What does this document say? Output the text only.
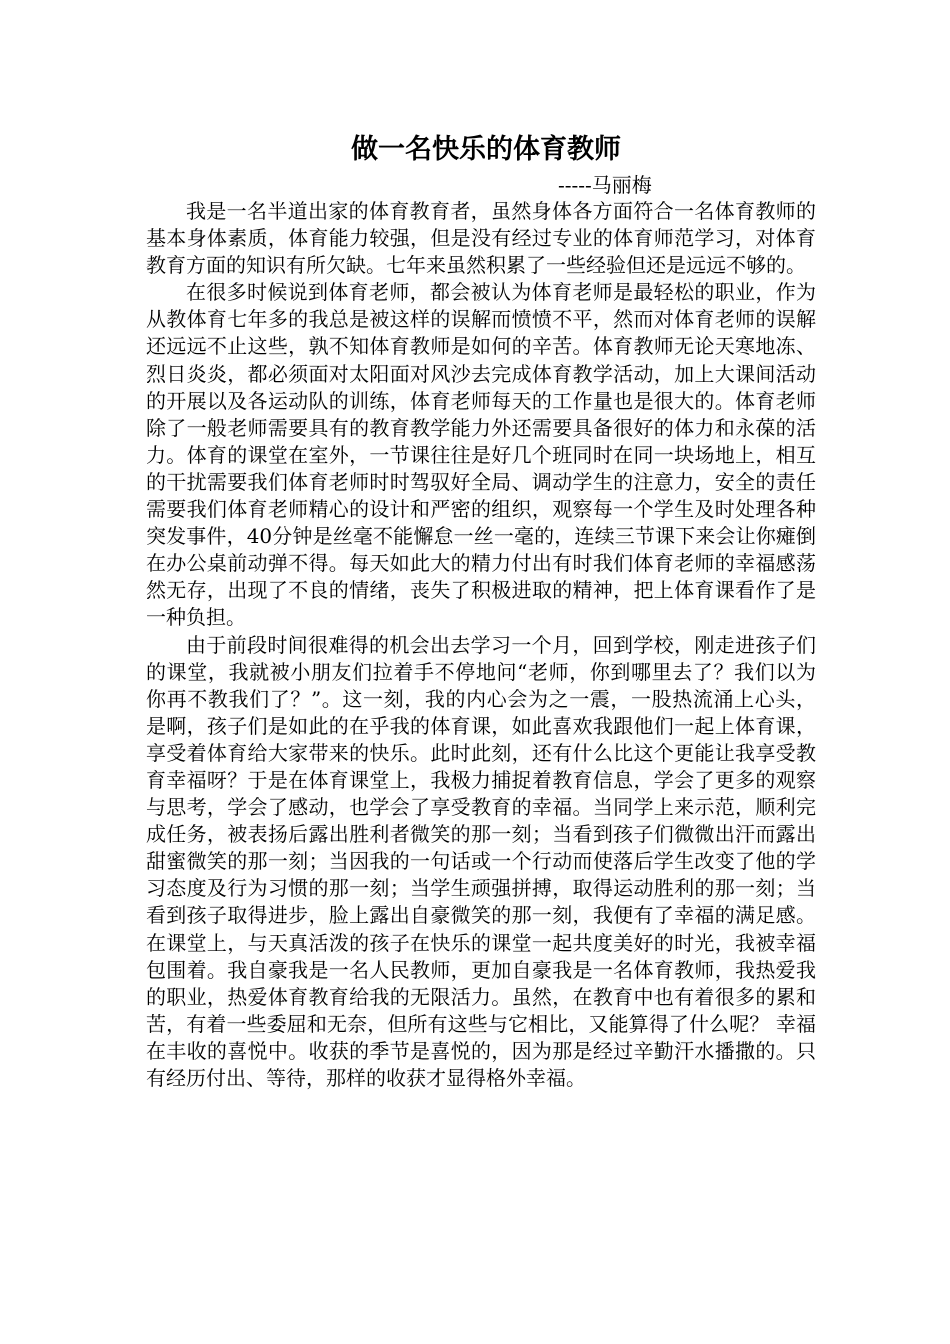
做一名快乐的体育教师
-----马丽梅

我是一名半道出家的体育教育者，虽然身体各方面符合一名体育教师的基本身体素质，体育能力较强，但是没有经过专业的体育师范学习，对体育教育方面的知识有所欠缺。七年来虽然积累了一些经验但还是远远不够的。

在很多时候说到体育老师，都会被认为体育老师是最轻松的职业，作为从教体育七年多的我总是被这样的误解而愤愤不平，然而对体育老师的误解还远远不止这些，孰不知体育教师是如何的辛苦。体育教师无论天寒地冻、烈日炎炎，都必须面对太阳面对风沙去完成体育教学活动，加上大课间活动的开展以及各运动队的训练，体育老师每天的工作量也是很大的。体育老师除了一般老师需要具有的教育教学能力外还需要具备很好的体力和永葆的活力。体育的课堂在室外，一节课往往是好几个班同时在同一块场地上，相互的干扰需要我们体育老师时时驾驭好全局、调动学生的注意力，安全的责任需要我们体育老师精心的设计和严密的组织，观察每一个学生及时处理各种突发事件，40分钟是丝毫不能懈怠一丝一毫的，连续三节课下来会让你瘫倒在办公桌前动弹不得。每天如此大的精力付出有时我们体育老师的幸福感荡然无存，出现了不良的情绪，丧失了积极进取的精神，把上体育课看作了是一种负担。

由于前段时间很难得的机会出去学习一个月，回到学校，刚走进孩子们的课堂，我就被小朋友们拉着手不停地问“老师，你到哪里去了？我们以为你再不教我们了？”。这一刻，我的内心会为之一震，一股热流涌上心头，是啊，孩子们是如此的在乎我的体育课，如此喜欢我跟他们一起上体育课，享受着体育给大家带来的快乐。此时此刻，还有什么比这个更能让我享受教育幸福呀？于是在体育课堂上，我极力捕捉着教育信息，学会了更多的观察与思考，学会了感动，也学会了享受教育的幸福。当同学上来示范，顺利完成任务，被表扬后露出胜利者微笑的那一刻；当看到孩子们微微出汗而露出甜蜜微笑的那一刻；当因我的一句话或一个行动而使落后学生改变了他的学习态度及行为习惯的那一刻；当学生顽强拼搏，取得运动胜利的那一刻；当看到孩子取得进步，脸上露出自豪微笑的那一刻，我便有了幸福的满足感。在课堂上，与天真活泼的孩子在快乐的课堂一起共度美好的时光，我被幸福包围着。我自豪我是一名人民教师，更加自豪我是一名体育教师，我热爱我的职业，热爱体育教育给我的无限活力。虽然，在教育中也有着很多的累和苦，有着一些委屈和无奈，但所有这些与它相比，又能算得了什么呢？ 幸福在丰收的喜悦中。收获的季节是喜悦的，因为那是经过辛勤汗水播撒的。只有经历付出、等待，那样的收获才显得格外幸福。
